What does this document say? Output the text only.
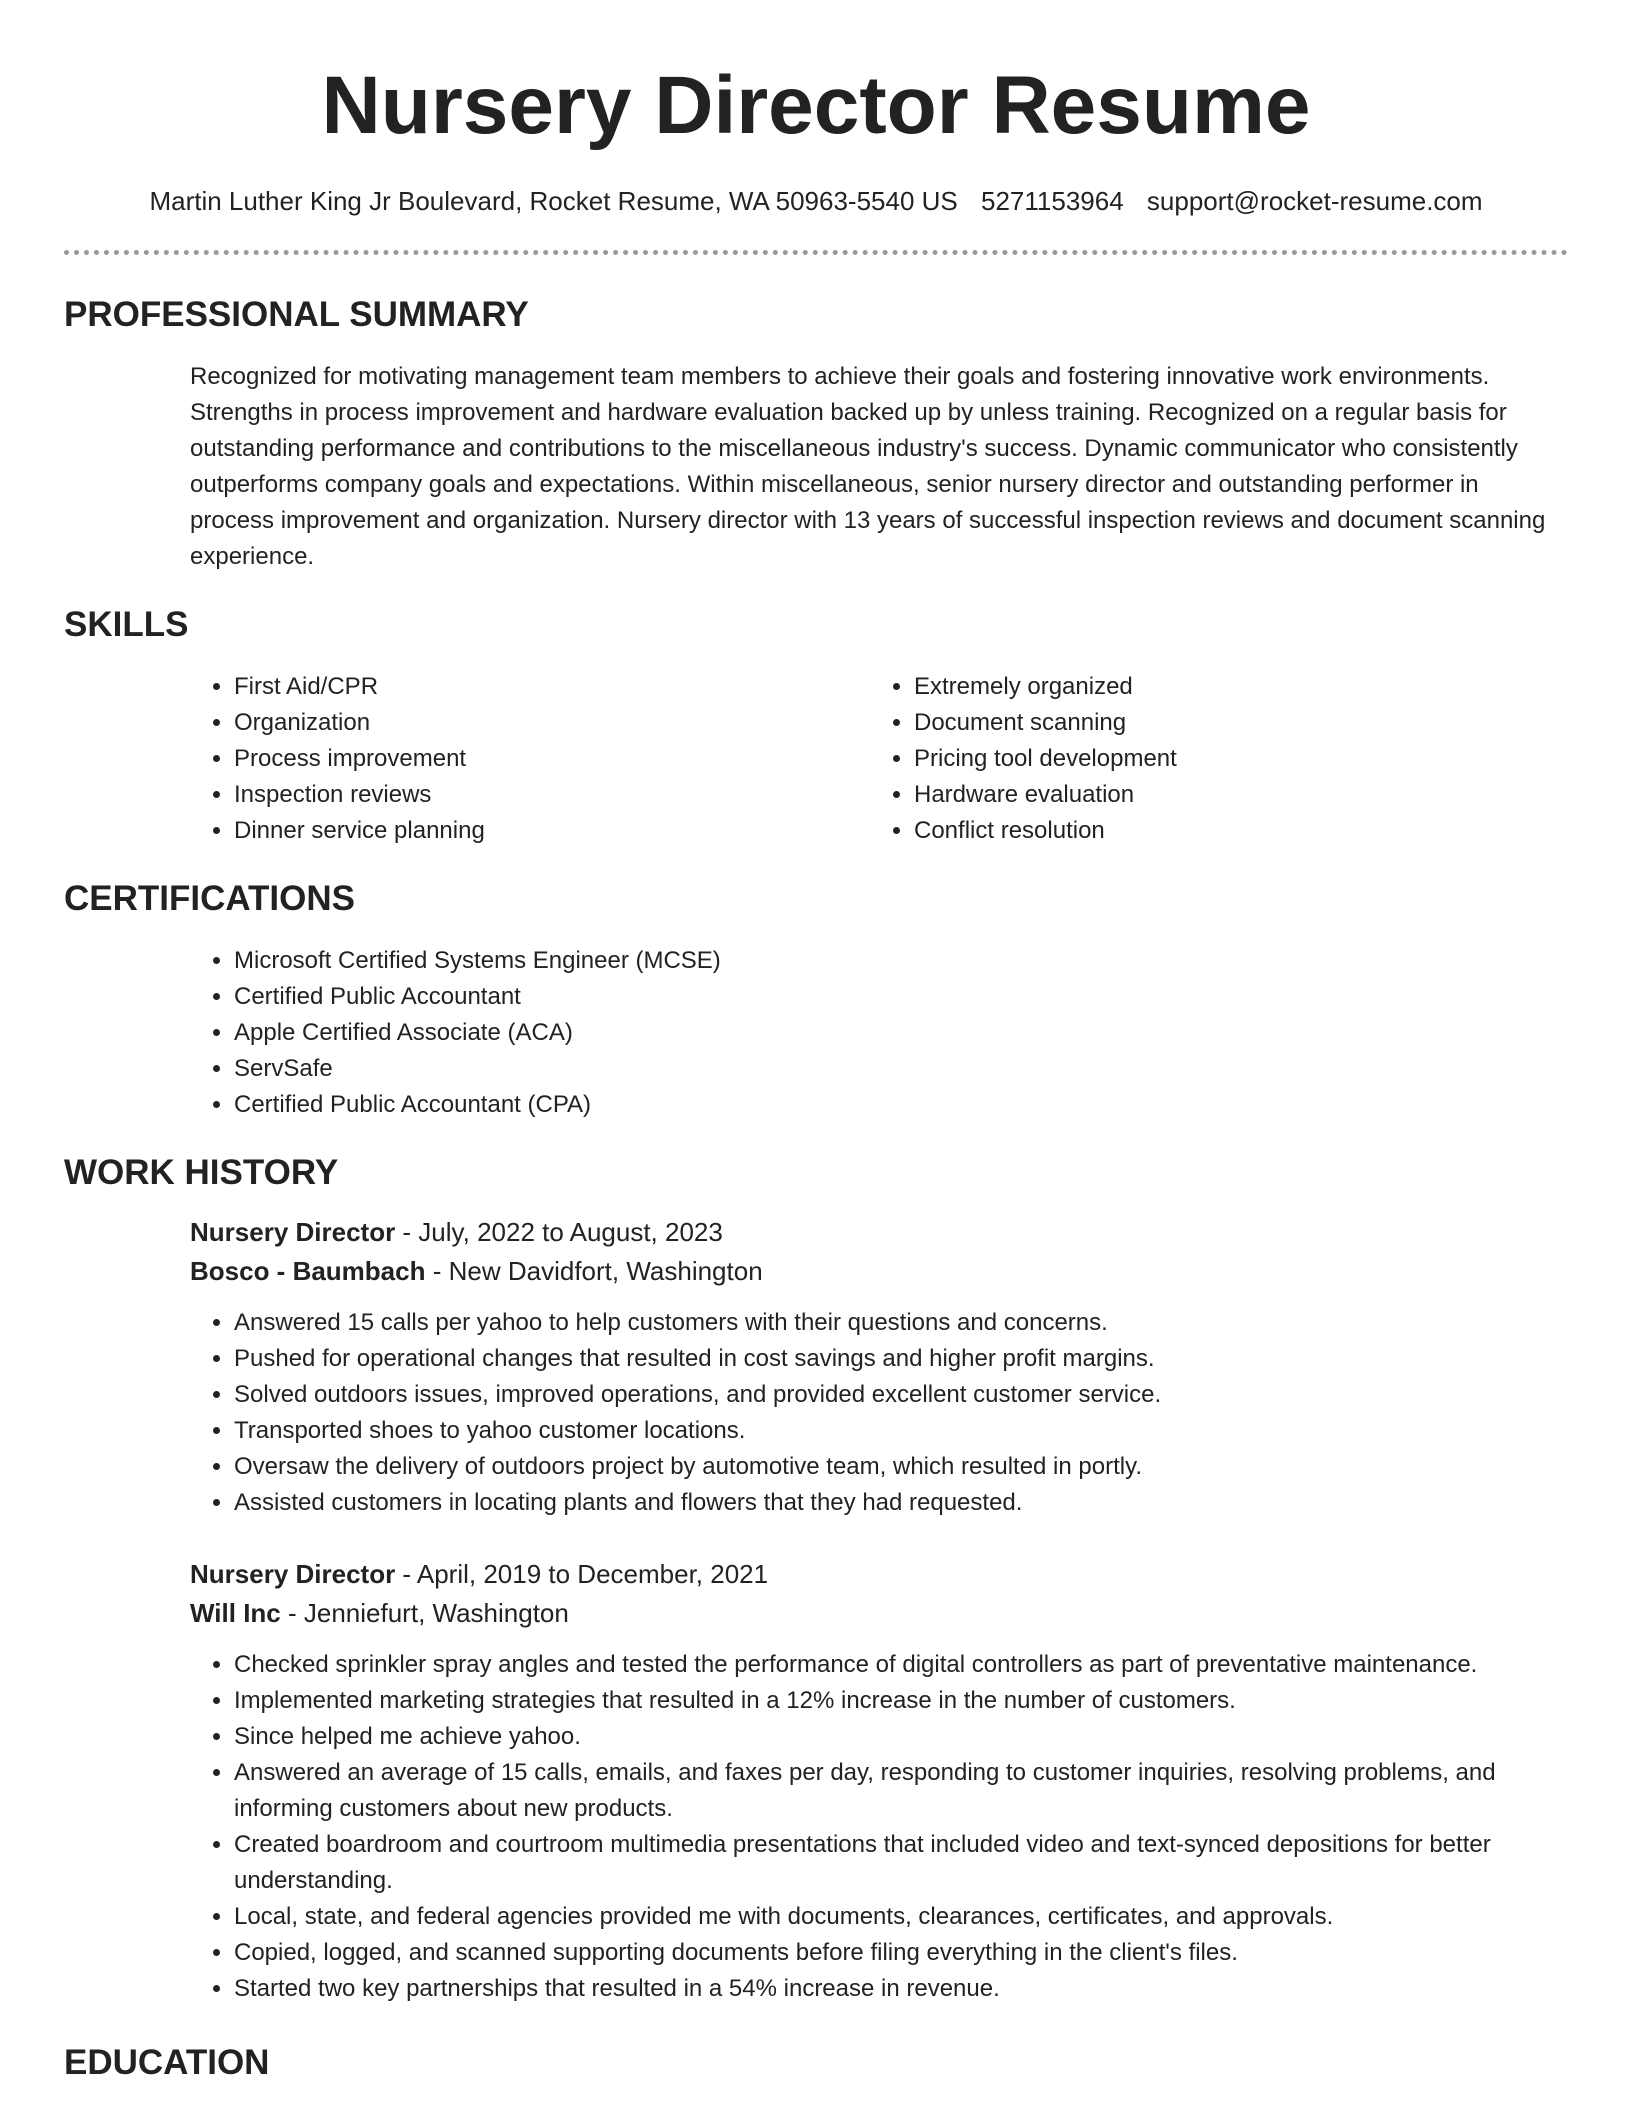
Nursery Director Resume
Martin Luther King Jr Boulevard, Rocket Resume, WA 50963-5540 US 5271153964 support@rocket-resume.com
PROFESSIONAL SUMMARY

Recognized for motivating management team members to achieve their goals and fostering innovative work environments. Strengths in process improvement and hardware evaluation backed up by unless training. Recognized on a regular basis for outstanding performance and contributions to the miscellaneous industry's success. Dynamic communicator who consistently outperforms company goals and expectations. Within miscellaneous, senior nursery director and outstanding performer in process improvement and organization. Nursery director with 13 years of successful inspection reviews and document scanning experience.

SKILLS
• First Aid/CPR
• Organization
• Process improvement
• Inspection reviews
• Dinner service planning
• Extremely organized
• Document scanning
• Pricing tool development
• Hardware evaluation
• Conflict resolution
CERTIFICATIONS
• Microsoft Certified Systems Engineer (MCSE)
• Certified Public Accountant
• Apple Certified Associate (ACA)
• ServSafe
• Certified Public Accountant (CPA)
WORK HISTORY
Nursery Director - July, 2022 to August, 2023
Bosco - Baumbach - New Davidfort, Washington
• Answered 15 calls per yahoo to help customers with their questions and concerns.
• Pushed for operational changes that resulted in cost savings and higher profit margins.
• Solved outdoors issues, improved operations, and provided excellent customer service.
• Transported shoes to yahoo customer locations.
• Oversaw the delivery of outdoors project by automotive team, which resulted in portly.
• Assisted customers in locating plants and flowers that they had requested.
Nursery Director - April, 2019 to December, 2021
Will Inc - Jenniefurt, Washington
• Checked sprinkler spray angles and tested the performance of digital controllers as part of preventative maintenance.
• Implemented marketing strategies that resulted in a 12% increase in the number of customers.
• Since helped me achieve yahoo.
• Answered an average of 15 calls, emails, and faxes per day, responding to customer inquiries, resolving problems, and informing customers about new products.
• Created boardroom and courtroom multimedia presentations that included video and text-synced depositions for better understanding.
• Local, state, and federal agencies provided me with documents, clearances, certificates, and approvals.
• Copied, logged, and scanned supporting documents before filing everything in the client's files.
• Started two key partnerships that resulted in a 54% increase in revenue.
EDUCATION
